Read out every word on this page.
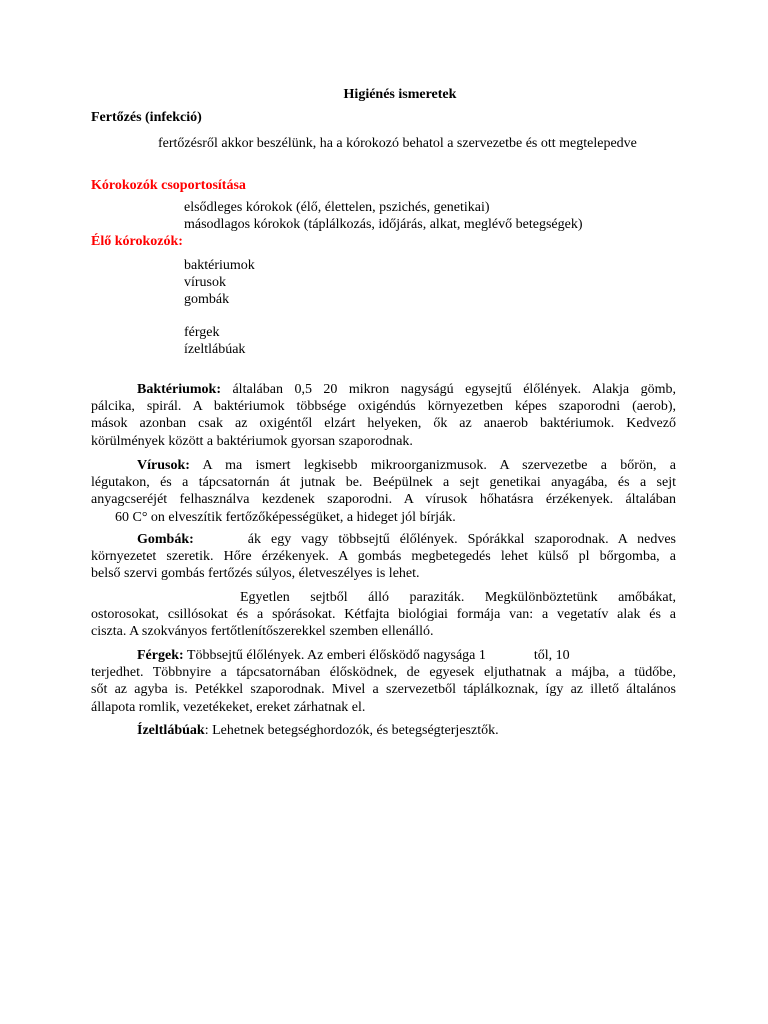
Higiénés ismeretek
Fertőzés (infekció)
fertőzésről akkor beszélünk, ha a kórokozó behatol a szervezetbe és ott megtelepedve
Kórokozók csoportosítása
elsődleges kórokok (élő, élettelen, pszichés, genetikai)
másodlagos kórokok (táplálkozás, időjárás, alkat, meglévő betegségek)
Élő kórokozók:
baktériumok
vírusok
gombák
férgek
ízeltlábúak
Baktériumok: általában 0,5 20 mikron nagyságú egysejtű élőlények. Alakja gömb,
pálcika, spirál. A baktériumok többsége oxigéndús környezetben képes szaporodni (aerob),
mások azonban csak az oxigéntől elzárt helyeken, ők az anaerob baktériumok. Kedvező
körülmények között a baktériumok gyorsan szaporodnak.
Vírusok: A ma ismert legkisebb mikroorganizmusok. A szervezetbe a bőrön, a
légutakon, és a tápcsatornán át jutnak be. Beépülnek a sejt genetikai anyagába, és a sejt
anyagcseréjét felhasználva kezdenek szaporodni. A vírusok hőhatásra érzékenyek. általában
60 C° on elveszítik fertőzőképességüket, a hideget jól bírják.
Gombák:	ák egy vagy többsejtű élőlények. Spórákkal szaporodnak. A nedves
környezetet szeretik. Hőre érzékenyek. A gombás megbetegedés lehet külső pl bőrgomba, a
belső szervi gombás fertőzés súlyos, életveszélyes is lehet.
Egyetlen sejtből álló paraziták. Megkülönböztetünk amőbákat,
ostorosokat, csillósokat és a spórásokat. Kétfajta biológiai formája van: a vegetatív alak és a
ciszta. A szokványos fertőtlenítőszerekkel szemben ellenálló.
Férgek: Többsejtű élőlények. Az emberi élősködő nagysága 1	től, 10
terjedhet. Többnyire a tápcsatornában élősködnek, de egyesek eljuthatnak a májba, a tüdőbe,
sőt az agyba is. Petékkel szaporodnak. Mivel a szervezetből táplálkoznak, így az illető általános
állapota romlik, vezetékeket, ereket zárhatnak el.
Ízeltlábúak: Lehetnek betegséghordozók, és betegségterjesztők.
